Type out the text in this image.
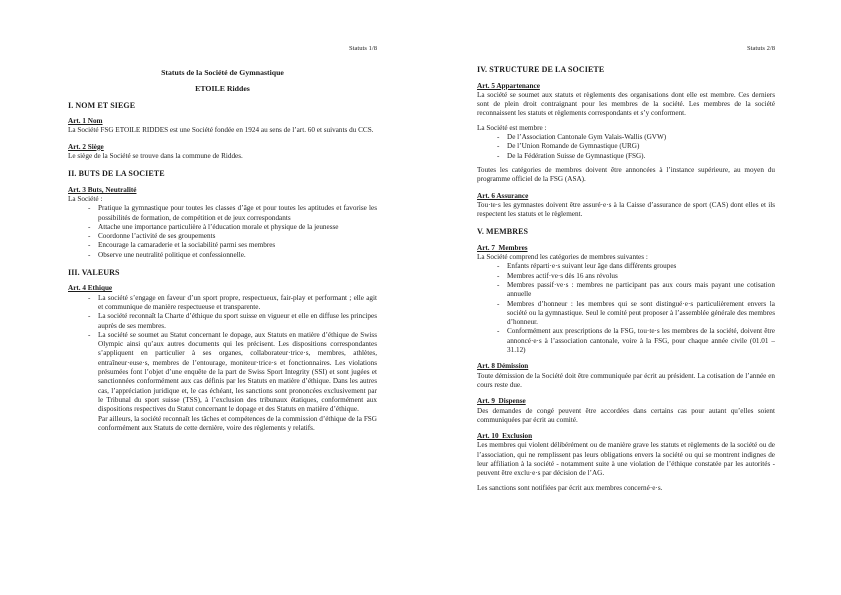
Statuts 1/8
Statuts de la Société de Gymnastique
ETOILE Riddes
I. NOM ET SIEGE
Art. 1 Nom
La Société FSG ETOILE RIDDES est une Société fondée en 1924 au sens de l’art. 60 et suivants du CCS.
Art. 2 Siège
Le siège de la Société se trouve dans la commune de Riddes.
II. BUTS DE LA SOCIETE
Art. 3 Buts, Neutralité
La Société :
- Pratique la gymnastique pour toutes les classes d’âge et pour toutes les aptitudes et favorise les possibilités de formation, de compétition et de jeux correspondants
- Attache une importance particulière à l’éducation morale et physique de la jeunesse
- Coordonne l’activité de ses groupements
- Encourage la camaraderie et la sociabilité parmi ses membres
- Observe une neutralité politique et confessionnelle.
III. VALEURS
Art. 4 Ethique
- La société s’engage en faveur d’un sport propre, respectueux, fair-play et performant ; elle agit et communique de manière respectueuse et transparente.
- La société reconnaît la Charte d’éthique du sport suisse en vigueur et elle en diffuse les principes auprès de ses membres.
- La société se soumet au Statut concernant le dopage, aux Statuts en matière d’éthique de Swiss Olympic ainsi qu’aux autres documents qui les précisent. Les dispositions correspondantes s’appliquent en particulier à ses organes, collaborateur·trice·s, membres, athlètes, entraîneur·euse·s, membres de l’entourage, moniteur·trice·s et fonctionnaires. Les violations présumées font l’objet d’une enquête de la part de Swiss Sport Integrity (SSI) et sont jugées et sanctionnées conformément aux cas définis par les Statuts en matière d’éthique. Dans les autres cas, l’appréciation juridique et, le cas échéant, les sanctions sont prononcées exclusivement par le Tribunal du sport suisse (TSS), à l’exclusion des tribunaux étatiques, conformément aux dispositions respectives du Statut concernant le dopage et des Statuts en matière d’éthique.
Par ailleurs, la société reconnaît les tâches et compétences de la commission d’éthique de la FSG conformément aux Statuts de cette dernière, voire des règlements y relatifs.
Statuts 2/8
IV. STRUCTURE DE LA SOCIETE
Art. 5 Appartenance
La société se soumet aux statuts et règlements des organisations dont elle est membre. Ces derniers sont de plein droit contraignant pour les membres de la société. Les membres de la société reconnaissent les statuts et règlements correspondants et s’y conforment.
La Société est membre :
- De l’Association Cantonale Gym Valais-Wallis (GVW)
- De l’Union Romande de Gymnastique (URG)
- De la Fédération Suisse de Gymnastique (FSG).
Toutes les catégories de membres doivent être annoncées à l’instance supérieure, au moyen du programme officiel de la FSG (ASA).
Art. 6 Assurance
Tou·te·s les gymnastes doivent être assuré·e·s à la Caisse d’assurance de sport (CAS) dont elles et ils respectent les statuts et le règlement.
V. MEMBRES
Art. 7  Membres
La Société comprend les catégories de membres suivantes :
- Enfants réparti·e·s suivant leur âge dans différents groupes
- Membres actif·ve·s dès 16 ans révolus
- Membres passif·ve·s : membres ne participant pas aux cours mais payant une cotisation annuelle
- Membres d’honneur : les membres qui se sont distingué·e·s particulièrement envers la société ou la gymnastique. Seul le comité peut proposer à l’assemblée générale des membres d’honneur.
- Conformément aux prescriptions de la FSG, tou·te·s les membres de la société, doivent être annoncé·e·s à l’association cantonale, voire à la FSG, pour chaque année civile (01.01 – 31.12)
Art. 8 Démission
Toute démission de la Société doit être communiquée par écrit au président. La cotisation de l’année en cours reste due.
Art. 9  Dispense
Des demandes de congé peuvent être accordées dans certains cas pour autant qu’elles soient communiquées par écrit au comité.
Art. 10  Exclusion
Les membres qui violent délibérément ou de manière grave les statuts et règlements de la société ou de l’association, qui ne remplissent pas leurs obligations envers la société ou qui se montrent indignes de leur affiliation à la société - notamment suite à une violation de l’éthique constatée par les autorités - peuvent être exclu·e·s par décision de l’AG.
Les sanctions sont notifiées par écrit aux membres concerné·e·s.
